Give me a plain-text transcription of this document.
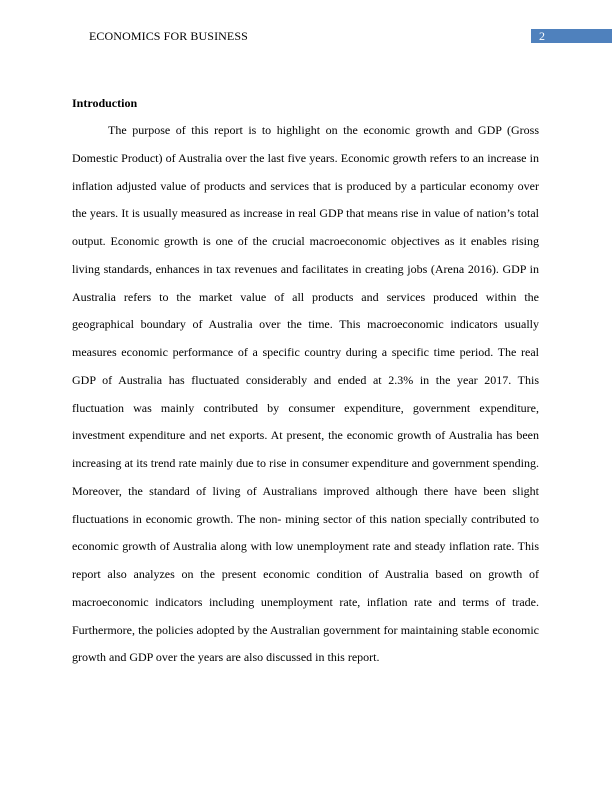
ECONOMICS FOR BUSINESS	2
Introduction

The purpose of this report is to highlight on the economic growth and GDP (Gross Domestic Product) of Australia over the last five years. Economic growth refers to an increase in inflation adjusted value of products and services that is produced by a particular economy over the years. It is usually measured as increase in real GDP that means rise in value of nation’s total output. Economic growth is one of the crucial macroeconomic objectives as it enables rising living standards, enhances in tax revenues and facilitates in creating jobs (Arena 2016). GDP in Australia refers to the market value of all products and services produced within the geographical boundary of Australia over the time. This macroeconomic indicators usually measures economic performance of a specific country during a specific time period. The real GDP of Australia has fluctuated considerably and ended at 2.3% in the year 2017. This fluctuation was mainly contributed by consumer expenditure, government expenditure, investment expenditure and net exports. At present, the economic growth of Australia has been increasing at its trend rate mainly due to rise in consumer expenditure and government spending. Moreover, the standard of living of Australians improved although there have been slight fluctuations in economic growth. The non- mining sector of this nation specially contributed to economic growth of Australia along with low unemployment rate and steady inflation rate. This report also analyzes on the present economic condition of Australia based on growth of macroeconomic indicators including unemployment rate, inflation rate and terms of trade. Furthermore, the policies adopted by the Australian government for maintaining stable economic growth and GDP over the years are also discussed in this report.
